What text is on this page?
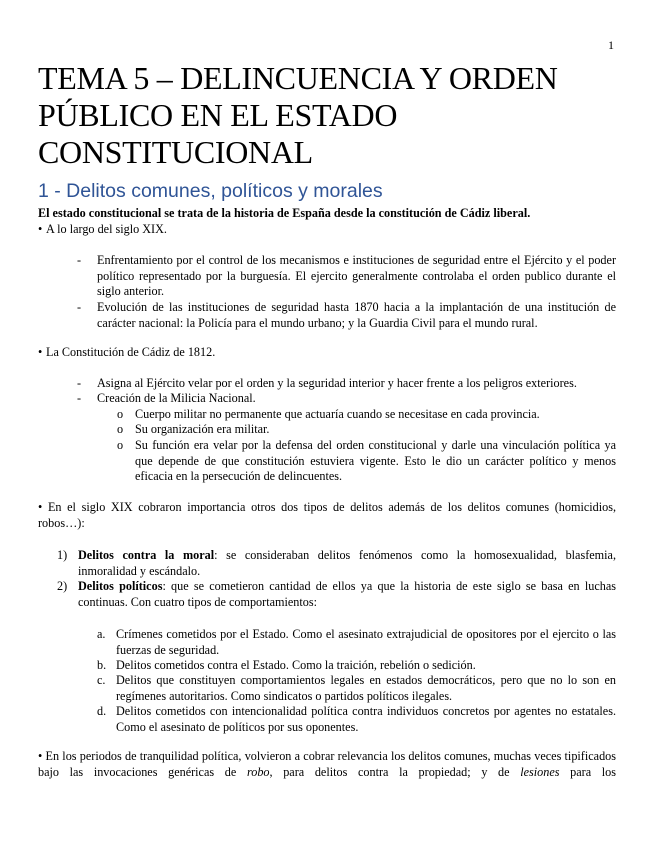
1
TEMA 5 – DELINCUENCIA Y ORDEN PÚBLICO EN EL ESTADO CONSTITUCIONAL
1 - Delitos comunes, políticos y morales

El estado constitucional se trata de la historia de España desde la constitución de Cádiz liberal.

• A lo largo del siglo XIX.
- Enfrentamiento por el control de los mecanismos e instituciones de seguridad entre el Ejército y el poder político representado por la burguesía. El ejercito generalmente controlaba el orden publico durante el siglo anterior.

- Evolución de las instituciones de seguridad hasta 1870 hacia a la implantación de una institución de carácter nacional: la Policía para el mundo urbano; y la Guardia Civil para el mundo rural.

• La Constitución de Cádiz de 1812.
- Asigna al Ejército velar por el orden y la seguridad interior y hacer frente a los peligros exteriores.

- Creación de la Milicia Nacional.

o Cuerpo militar no permanente que actuaría cuando se necesitase en cada provincia.

o Su organización era militar.

o Su función era velar por la defensa del orden constitucional y darle una vinculación política ya que depende de que constitución estuviera vigente. Esto le dio un carácter político y menos eficacia en la persecución de delincuentes.

• En el siglo XIX cobraron importancia otros dos tipos de delitos además de los delitos comunes (homicidios, robos…):

1) Delitos contra la moral: se consideraban delitos fenómenos como la homosexualidad, blasfemia, inmoralidad y escándalo.

2) Delitos políticos: que se cometieron cantidad de ellos ya que la historia de este siglo se basa en luchas continuas. Con cuatro tipos de comportamientos:

a. Crímenes cometidos por el Estado. Como el asesinato extrajudicial de opositores por el ejercito o las fuerzas de seguridad.

b. Delitos cometidos contra el Estado. Como la traición, rebelión o sedición.

c. Delitos que constituyen comportamientos legales en estados democráticos, pero que no lo son en regímenes autoritarios. Como sindicatos o partidos políticos ilegales.

d. Delitos cometidos con intencionalidad política contra individuos concretos por agentes no estatales. Como el asesinato de políticos por sus oponentes.

• En los periodos de tranquilidad política, volvieron a cobrar relevancia los delitos comunes, muchas veces tipificados bajo las invocaciones genéricas de robo, para delitos contra la propiedad; y de lesiones para los
